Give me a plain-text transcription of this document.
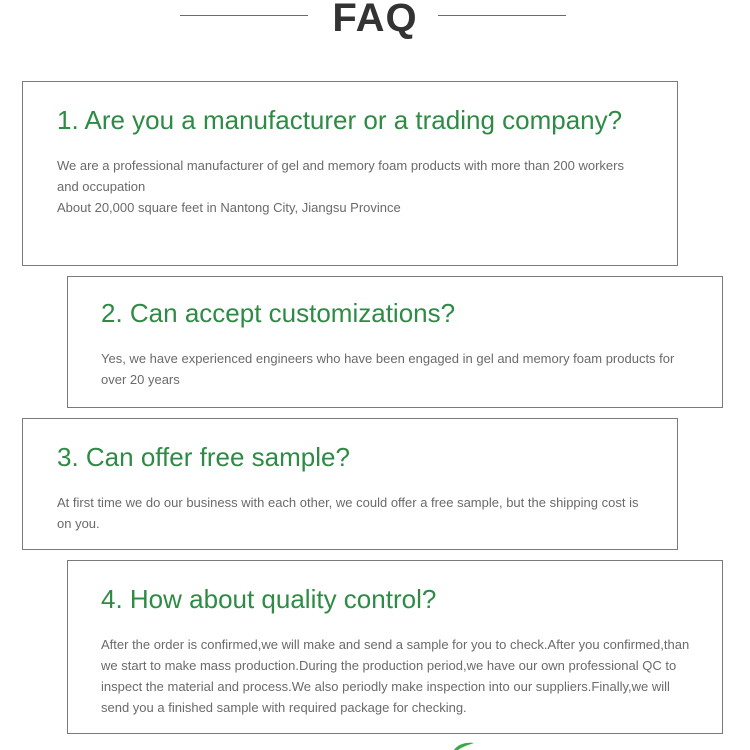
FAQ
1. Are you a manufacturer or a trading company?

We are a professional manufacturer of gel and memory foam products with more than 200 workers and occupation
About 20,000 square feet in Nantong City, Jiangsu Province

2. Can accept customizations?

Yes, we have experienced engineers who have been engaged in gel and memory foam products for over 20 years

3. Can offer free sample?

At first time we do our business with each other, we could offer a free sample, but the shipping cost is on you.

4. How about quality control?

After the order is confirmed,we will make and send a sample for you to check.After you confirmed,than we start to make mass production.During the production period,we have our own professional QC to inspect the material and process.We also periodly make inspection into our suppliers.Finally,we will send you a finished sample with required package for checking.
